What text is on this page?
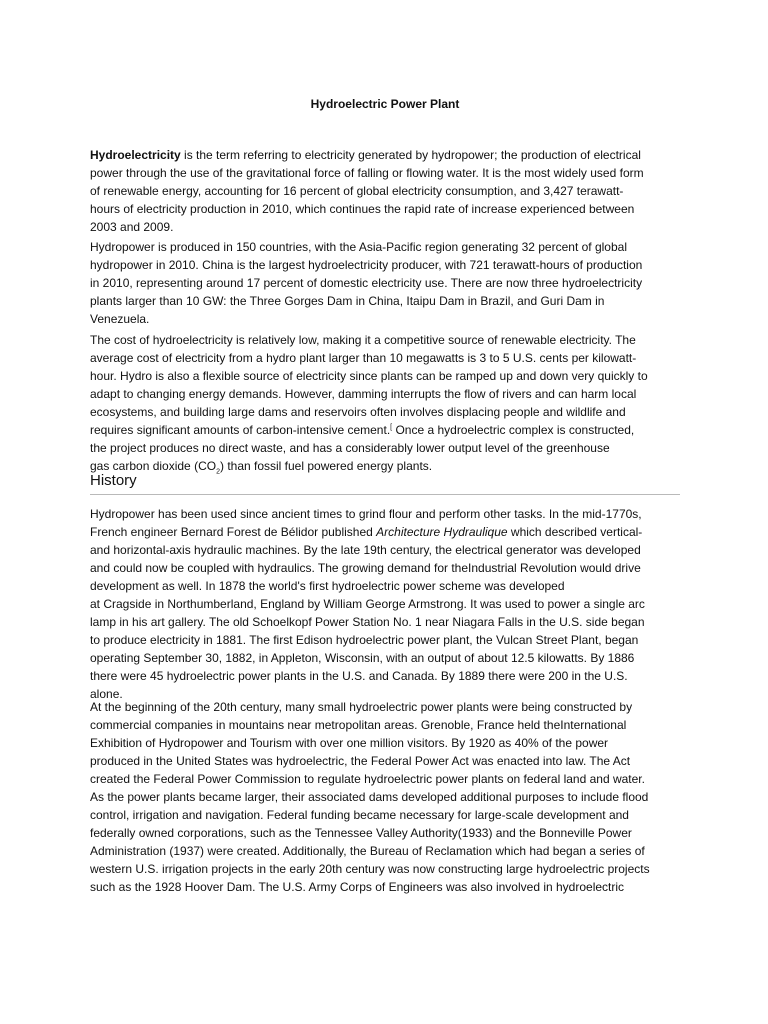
Hydroelectric Power Plant

Hydroelectricity is the term referring to electricity generated by hydropower; the production of electrical
power through the use of the gravitational force of falling or flowing water. It is the most widely used form
of renewable energy, accounting for 16 percent of global electricity consumption, and 3,427 terawatt-
hours of electricity production in 2010, which continues the rapid rate of increase experienced between
2003 and 2009.

Hydropower is produced in 150 countries, with the Asia-Pacific region generating 32 percent of global
hydropower in 2010. China is the largest hydroelectricity producer, with 721 terawatt-hours of production
in 2010, representing around 17 percent of domestic electricity use. There are now three hydroelectricity
plants larger than 10 GW: the Three Gorges Dam in China, Itaipu Dam in Brazil, and Guri Dam in
Venezuela.

The cost of hydroelectricity is relatively low, making it a competitive source of renewable electricity. The
average cost of electricity from a hydro plant larger than 10 megawatts is 3 to 5 U.S. cents per kilowatt-
hour. Hydro is also a flexible source of electricity since plants can be ramped up and down very quickly to
adapt to changing energy demands. However, damming interrupts the flow of rivers and can harm local
ecosystems, and building large dams and reservoirs often involves displacing people and wildlife and
requires significant amounts of carbon-intensive cement.[ Once a hydroelectric complex is constructed,
the project produces no direct waste, and has a considerably lower output level of the greenhouse
gas carbon dioxide $(CO_2)$ than fossil fuel powered energy plants.

History

Hydropower has been used since ancient times to grind flour and perform other tasks. In the mid-1770s,
French engineer Bernard Forest de Bélidor published Architecture Hydraulique which described vertical-
and horizontal-axis hydraulic machines. By the late 19th century, the electrical generator was developed
and could now be coupled with hydraulics. The growing demand for theIndustrial Revolution would drive
development as well. In 1878 the world's first hydroelectric power scheme was developed
at Cragside in Northumberland, England by William George Armstrong. It was used to power a single arc
lamp in his art gallery. The old Schoelkopf Power Station No. 1 near Niagara Falls in the U.S. side began
to produce electricity in 1881. The first Edison hydroelectric power plant, the Vulcan Street Plant, began
operating September 30, 1882, in Appleton, Wisconsin, with an output of about 12.5 kilowatts. By 1886
there were 45 hydroelectric power plants in the U.S. and Canada. By 1889 there were 200 in the U.S.
alone.

At the beginning of the 20th century, many small hydroelectric power plants were being constructed by
commercial companies in mountains near metropolitan areas. Grenoble, France held theInternational
Exhibition of Hydropower and Tourism with over one million visitors. By 1920 as 40% of the power
produced in the United States was hydroelectric, the Federal Power Act was enacted into law. The Act
created the Federal Power Commission to regulate hydroelectric power plants on federal land and water.
As the power plants became larger, their associated dams developed additional purposes to include flood
control, irrigation and navigation. Federal funding became necessary for large-scale development and
federally owned corporations, such as the Tennessee Valley Authority(1933) and the Bonneville Power
Administration (1937) were created. Additionally, the Bureau of Reclamation which had began a series of
western U.S. irrigation projects in the early 20th century was now constructing large hydroelectric projects
such as the 1928 Hoover Dam. The U.S. Army Corps of Engineers was also involved in hydroelectric
